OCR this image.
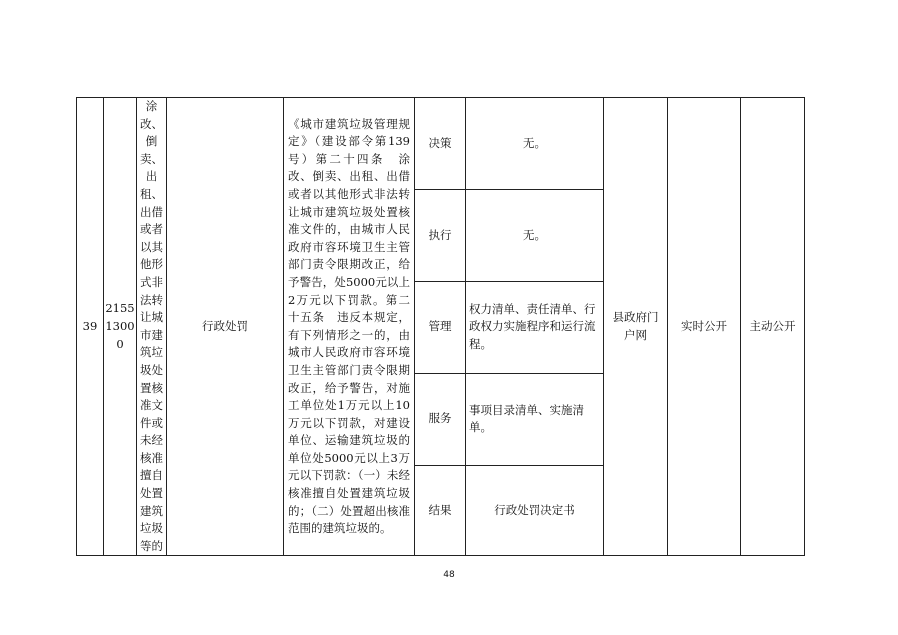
39	215513000	涂改、倒卖、出租、出借或者以其他形式非法转让城市建筑垃圾处置核准文件或未经核准擅自处置建筑垃圾等的	行政处罚	《城市建筑垃圾管理规定》（建设部令第139号）第二十四条　涂改、倒卖、出租、出借或者以其他形式非法转让城市建筑垃圾处置核准文件的，由城市人民政府市容环境卫生主管部门责令限期改正，给予警告，处5000元以上2万元以下罚款。第二十五条　违反本规定，有下列情形之一的，由城市人民政府市容环境卫生主管部门责令限期改正，给予警告，对施工单位处1万元以上10万元以下罚款，对建设单位、运输建筑垃圾的单位处5000元以上3万元以下罚款：（一）未经核准擅自处置建筑垃圾的；（二）处置超出核准范围的建筑垃圾的。	决策	无。	县政府门户网	实时公开	主动公开
					执行	无。			
					管理	权力清单、责任清单、行政权力实施程序和运行流程。			
					服务	事项目录清单、实施清单。			
					结果	行政处罚决定书			
48
